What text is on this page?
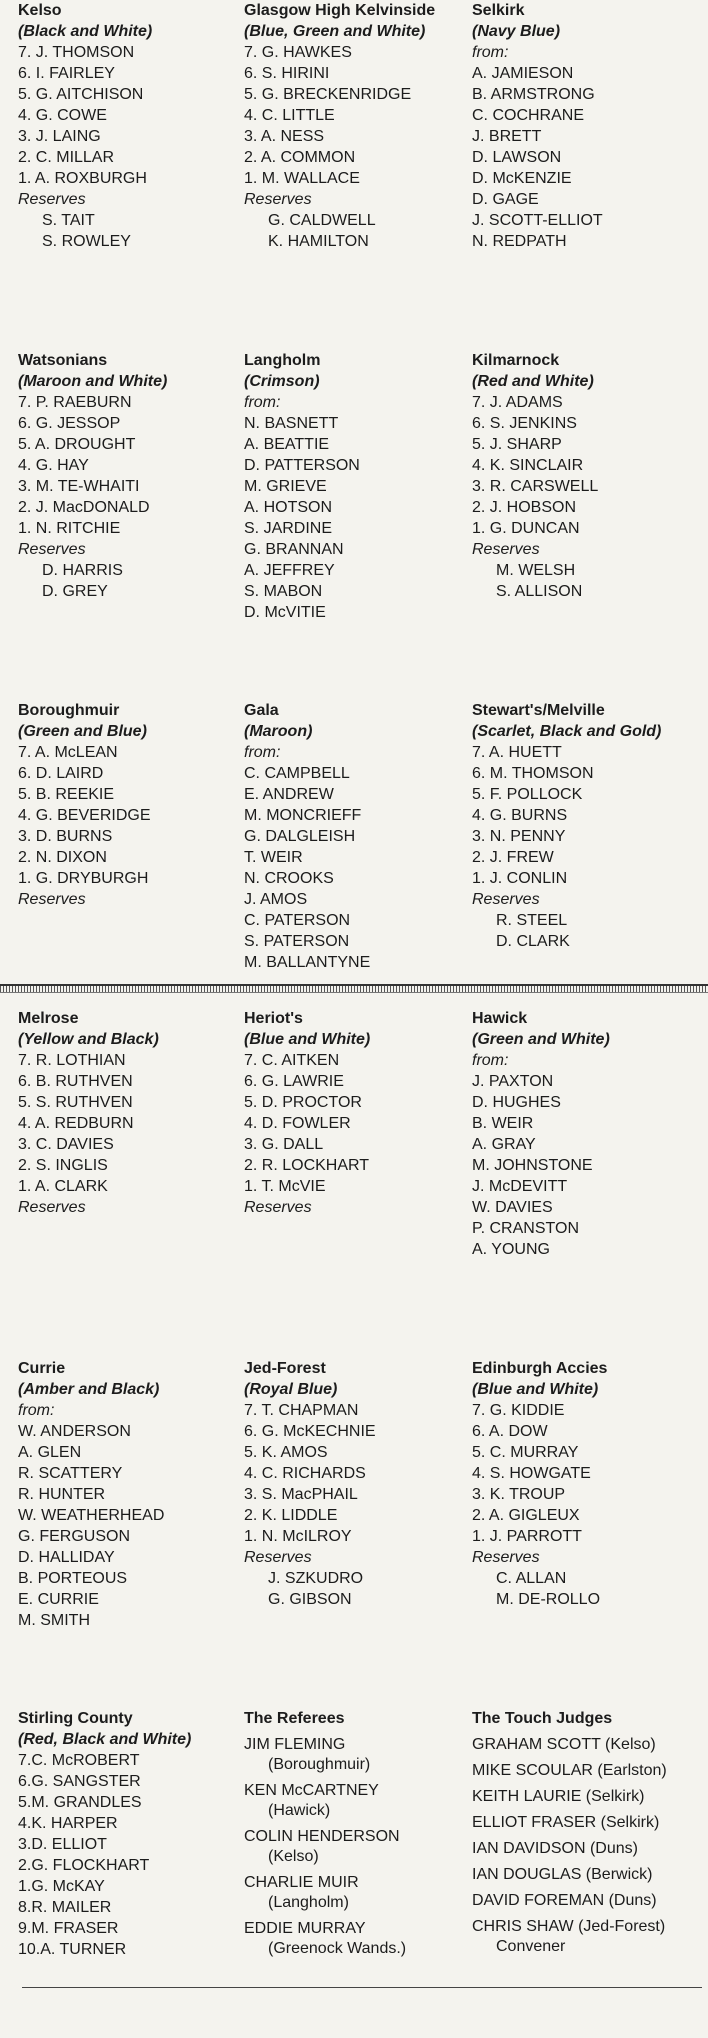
Kelso

(Black and White)

7. J. THOMSON

6. I. FAIRLEY

5. G. AITCHISON

4. G. COWE

3. J. LAING

2. C. MILLAR

1. A. ROXBURGH

Reserves

S. TAIT

S. ROWLEY

Glasgow High Kelvinside

(Blue, Green and White)

7. G. HAWKES

6. S. HIRINI

5. G. BRECKENRIDGE

4. C. LITTLE

3. A. NESS

2. A. COMMON

1. M. WALLACE

Reserves

G. CALDWELL

K. HAMILTON

Selkirk

(Navy Blue)

from:

A. JAMIESON

B. ARMSTRONG

C. COCHRANE

J. BRETT

D. LAWSON

D. McKENZIE

D. GAGE

J. SCOTT-ELLIOT

N. REDPATH

Watsonians

(Maroon and White)

7. P. RAEBURN

6. G. JESSOP

5. A. DROUGHT

4. G. HAY

3. M. TE-WHAITI

2. J. MacDONALD

1. N. RITCHIE

Reserves

D. HARRIS

D. GREY

Langholm

(Crimson)

from:

N. BASNETT

A. BEATTIE

D. PATTERSON

M. GRIEVE

A. HOTSON

S. JARDINE

G. BRANNAN

A. JEFFREY

S. MABON

D. McVITIE

Kilmarnock

(Red and White)

7. J. ADAMS

6. S. JENKINS

5. J. SHARP

4. K. SINCLAIR

3. R. CARSWELL

2. J. HOBSON

1. G. DUNCAN

Reserves

M. WELSH

S. ALLISON

Boroughmuir

(Green and Blue)

7. A. McLEAN

6. D. LAIRD

5. B. REEKIE

4. G. BEVERIDGE

3. D. BURNS

2. N. DIXON

1. G. DRYBURGH

Reserves

Gala

(Maroon)

from:

C. CAMPBELL

E. ANDREW

M. MONCRIEFF

G. DALGLEISH

T. WEIR

N. CROOKS

J. AMOS

C. PATERSON

S. PATERSON

M. BALLANTYNE

Stewart's/Melville

(Scarlet, Black and Gold)

7. A. HUETT

6. M. THOMSON

5. F. POLLOCK

4. G. BURNS

3. N. PENNY

2. J. FREW

1. J. CONLIN

Reserves

R. STEEL

D. CLARK

Melrose

(Yellow and Black)

7. R. LOTHIAN

6. B. RUTHVEN

5. S. RUTHVEN

4. A. REDBURN

3. C. DAVIES

2. S. INGLIS

1. A. CLARK

Reserves

Heriot's

(Blue and White)

7. C. AITKEN

6. G. LAWRIE

5. D. PROCTOR

4. D. FOWLER

3. G. DALL

2. R. LOCKHART

1. T. McVIE

Reserves

Hawick

(Green and White)

from:

J. PAXTON

D. HUGHES

B. WEIR

A. GRAY

M. JOHNSTONE

J. McDEVITT

W. DAVIES

P. CRANSTON

A. YOUNG

Currie

(Amber and Black)

from:

W. ANDERSON

A. GLEN

R. SCATTERY

R. HUNTER

W. WEATHERHEAD

G. FERGUSON

D. HALLIDAY

B. PORTEOUS

E. CURRIE

M. SMITH

Jed-Forest

(Royal Blue)

7. T. CHAPMAN

6. G. McKECHNIE

5. K. AMOS

4. C. RICHARDS

3. S. MacPHAIL

2. K. LIDDLE

1. N. McILROY

Reserves

J. SZKUDRO

G. GIBSON

Edinburgh Accies

(Blue and White)

7. G. KIDDIE

6. A. DOW

5. C. MURRAY

4. S. HOWGATE

3. K. TROUP

2. A. GIGLEUX

1. J. PARROTT

Reserves

C. ALLAN

M. DE-ROLLO

Stirling County

(Red, Black and White)

7.C. McROBERT

6.G. SANGSTER

5.M. GRANDLES

4.K. HARPER

3.D. ELLIOT

2.G. FLOCKHART

1.G. McKAY

8.R. MAILER

9.M. FRASER

10.A. TURNER

The Referees

JIM FLEMING

(Boroughmuir)

KEN McCARTNEY

(Hawick)

COLIN HENDERSON

(Kelso)

CHARLIE MUIR

(Langholm)

EDDIE MURRAY

(Greenock Wands.)

The Touch Judges

GRAHAM SCOTT (Kelso)

MIKE SCOULAR (Earlston)

KEITH LAURIE (Selkirk)

ELLIOT FRASER (Selkirk)

IAN DAVIDSON (Duns)

IAN DOUGLAS (Berwick)

DAVID FOREMAN (Duns)

CHRIS SHAW (Jed-Forest)

Convener
